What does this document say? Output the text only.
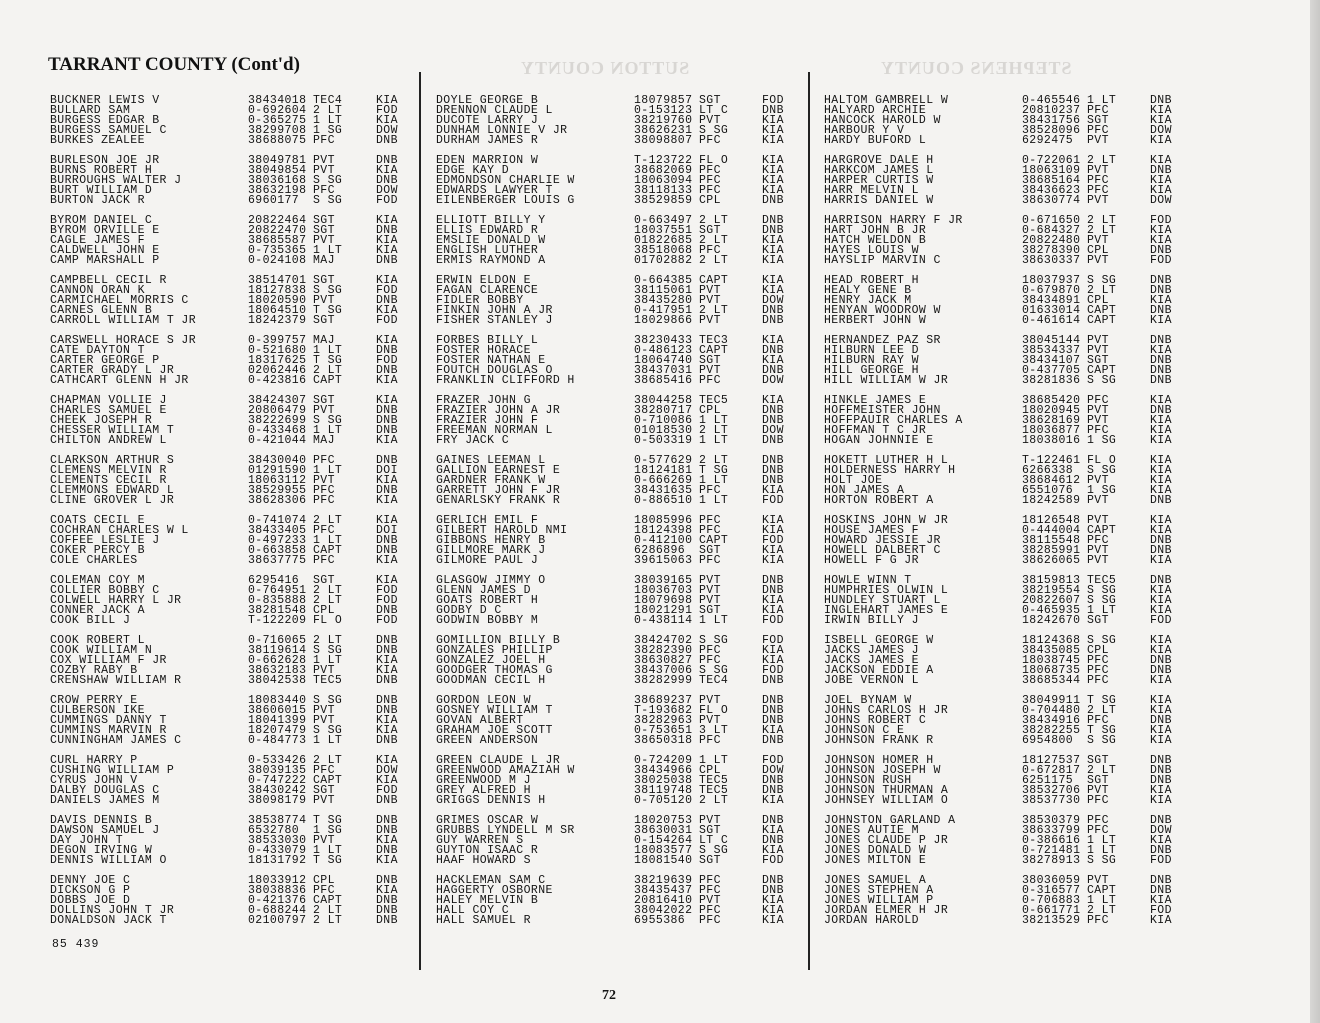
SUTTON COUNTY	STEPHENS COUNTY
TARRANT COUNTY (Cont'd)
BUCKNER LEWIS V	38434018 TEC4	KIA
BULLARD SAM	0-692604 2 LT	FOD
BURGESS EDGAR B	0-365275 1 LT	KIA
BURGESS SAMUEL C	38299708 1 SG	DOW
BURKES ZEALEE	38688075 PFC	DNB
BURLESON JOE JR	38049781 PVT	DNB
BURNS ROBERT H	38049854 PVT	KIA
BURROUGHS WALTER J	38036168 S SG	DNB
BURT WILLIAM D	38632198 PFC	DOW
BURTON JACK R	6960177 S SG	FOD
BYROM DANIEL C	20822464 SGT	KIA
BYROM ORVILLE E	20822470 SGT	DNB
CAGLE JAMES F	38685587 PVT	KIA
CALDWELL JOHN E	0-735365 1 LT	KIA
CAMP MARSHALL P	0-024108 MAJ	DNB
CAMPBELL CECIL R	38514701 SGT	KIA
CANNON ORAN K	18127838 S SG	FOD
CARMICHAEL MORRIS C	18020590 PVT	DNB
CARNES GLENN B	18064510 T SG	KIA
CARROLL WILLIAM T JR	18242379 SGT	FOD
CARSWELL HORACE S JR	0-399757 MAJ	KIA
CATE DAYTON T	0-521680 1 LT	DNB
CARTER GEORGE P	18317625 T SG	FOD
CARTER GRADY L JR	02062446 2 LT	DNB
CATHCART GLENN H JR	0-423816 CAPT	KIA
CHAPMAN VOLLIE J	38424307 SGT	KIA
CHARLES SAMUEL E	20806479 PVT	DNB
CHEEK JOSEPH R	38222699 S SG	DNB
CHESSER WILLIAM T	0-433468 1 LT	DNB
CHILTON ANDREW L	0-421044 MAJ	KIA
CLARKSON ARTHUR S	38430040 PFC	DNB
CLEMENS MELVIN R	01291590 1 LT	DOI
CLEMENTS CECIL R	18063112 PVT	KIA
CLEMMONS EDWARD L	38529955 PFC	DNB
CLINE GROVER L JR	38628306 PFC	KIA
COATS CECIL E	0-741074 2 LT	KIA
COCHRAN CHARLES W L	38433405 PFC	DOI
COFFEE LESLIE J	0-497233 1 LT	DNB
COKER PERCY B	0-663858 CAPT	DNB
COLE CHARLES	38637775 PFC	KIA
COLEMAN COY M	6295416 SGT	KIA
COLLIER BOBBY C	0-764951 2 LT	FOD
COLWELL HARRY L JR	0-835888 2 LT	FOD
CONNER JACK A	38281548 CPL	DNB
COOK BILL J	T-122209 FL O	FOD
COOK ROBERT L	0-716065 2 LT	DNB
COOK WILLIAM N	38119614 S SG	DNB
COX WILLIAM F JR	0-662628 1 LT	KIA
COZBY RABY B	38632183 PVT	KIA
CRENSHAW WILLIAM R	38042538 TEC5	DNB
CROW PERRY E	18083440 S SG	DNB
CULBERSON IKE	38606015 PVT	DNB
CUMMINGS DANNY T	18041399 PVT	KIA
CUMMINS MARVIN R	18207479 S SG	KIA
CUNNINGHAM JAMES C	0-484773 1 LT	DNB
CURL HARRY P	0-533426 2 LT	KIA
CUSHING WILLIAM P	38039135 PFC	DOW
CYRUS JOHN V	0-747222 CAPT	KIA
DALBY DOUGLAS C	38430242 SGT	FOD
DANIELS JAMES M	38098179 PVT	DNB
DAVIS DENNIS B	38538774 T SG	DNB
DAWSON SAMUEL J	6532780 1 SG	DNB
DAY JOHN T	38533030 PVT	KIA
DEGON IRVING W	0-433079 1 LT	DNB
DENNIS WILLIAM O	18131792 T SG	KIA
DENNY JOE C	18033912 CPL	DNB
DICKSON G P	38038836 PFC	KIA
DOBBS JOE D	0-421376 CAPT	DNB
DOLLINS JOHN T JR	0-688244 2 LT	DNB
DONALDSON JACK T	02100797 2 LT	DNB
DOYLE GEORGE B	18079857 SGT	FOD
DRENNON CLAUDE L	0-153123 LT C	DNB
DUCOTE LARRY J	38219760 PVT	KIA
DUNHAM LONNIE V JR	38626231 S SG	KIA
DURHAM JAMES R	38098807 PFC	KIA
EDEN MARRION W	T-123722 FL O	KIA
EDGE KAY D	38682069 PFC	KIA
EDMONDSON CHARLIE W	18063094 PFC	KIA
EDWARDS LAWYER T	38118133 PFC	KIA
EILENBERGER LOUIS G	38529859 CPL	DNB
ELLIOTT BILLY Y	0-663497 2 LT	DNB
ELLIS EDWARD R	18037551 SGT	DNB
EMSLIE DONALD W	01822685 2 LT	KIA
ENGLISH LUTHER	38518068 PFC	KIA
ERMIS RAYMOND A	01702882 2 LT	KIA
ERWIN ELDON E	0-664385 CAPT	KIA
FAGAN CLARENCE	38115061 PVT	KIA
FIDLER BOBBY	38435280 PVT	DOW
FINKIN JOHN A JR	0-417951 2 LT	DNB
FISHER STANLEY J	18029866 PVT	DNB
FORBES BILLY L	38230433 TEC3	KIA
FOSTER HORACE	0-486123 CAPT	DNB
FOSTER NATHAN E	18064740 SGT	KIA
FOUTCH DOUGLAS O	38437031 PVT	DNB
FRANKLIN CLIFFORD H	38685416 PFC	DOW
FRAZER JOHN G	38044258 TEC5	KIA
FRAZIER JOHN A JR	38280717 CPL	DNB
FRAZIER JOHN F	0-710086 1 LT	DNB
FREEMAN NORMAN L	01018530 2 LT	DOW
FRY JACK C	0-503319 1 LT	DNB
GAINES LEEMAN L	0-577629 2 LT	DNB
GALLION EARNEST E	18124181 T SG	DNB
GARDNER FRANK W	0-666269 1 LT	DNB
GARRETT JOHN F JR	38431635 PFC	KIA
GENARLSKY FRANK R	0-886510 1 LT	FOD
GERLICH EMIL F	18085996 PFC	KIA
GILBERT HAROLD NMI	18124398 PFC	KIA
GIBBONS HENRY B	0-412100 CAPT	FOD
GILLMORE MARK J	6286896 SGT	KIA
GILMORE PAUL J	39615063 PFC	KIA
GLASGOW JIMMY O	38039165 PVT	DNB
GLENN JAMES D	18036703 PVT	DNB
GOATS ROBERT H	18079698 PVT	KIA
GODBY D C	18021291 SGT	KIA
GODWIN BOBBY M	0-438114 1 LT	FOD
GOMILLION BILLY B	38424702 S SG	FOD
GONZALES PHILLIP	38282390 PFC	KIA
GONZALEZ JOEL H	38630827 PFC	KIA
GOODGER THOMAS G	38437006 S SG	FOD
GOODMAN CECIL H	38282999 TEC4	DNB
GORDON LEON W	38689237 PVT	DNB
GOSNEY WILLIAM T	T-193682 FL O	DNB
GOVAN ALBERT	38282963 PVT	DNB
GRAHAM JOE SCOTT	0-753651 3 LT	KIA
GREEN ANDERSON	38650318 PFC	DNB
GREEN CLAUDE L JR	0-724209 1 LT	FOD
GREENWOOD AMAZIAH W	38434966 CPL	DOW
GREENWOOD M J	38025038 TEC5	DNB
GREY ALFRED H	38119748 TEC5	DNB
GRIGGS DENNIS H	0-705120 2 LT	KIA
GRIMES OSCAR W	18020753 PVT	DNB
GRUBBS LYNDELL M SR	38630031 SGT	KIA
GUY WARREN S	0-154264 LT C	DNB
GUYTON ISAAC R	18083577 S SG	KIA
HAAF HOWARD S	18081540 SGT	FOD
HACKLEMAN SAM C	38219639 PFC	DNB
HAGGERTY OSBORNE	38435437 PFC	DNB
HALEY MELVIN B	20816410 PVT	KIA
HALL COY C	38042022 PFC	KIA
HALL SAMUEL R	6955386 PFC	KIA
HALTOM GAMBRELL W	0-465546 1 LT	DNB
HALYARD ARCHIE	20810237 PFC	KIA
HANCOCK HAROLD W	38431756 SGT	KIA
HARBOUR Y V	38528096 PFC	DOW
HARDY BUFORD L	6292475 PVT	KIA
HARGROVE DALE H	0-722061 2 LT	KIA
HARKCOM JAMES L	18063109 PVT	DNB
HARPER CURTIS W	38685164 PFC	KIA
HARR MELVIN L	38436623 PFC	KIA
HARRIS DANIEL W	38630774 PVT	DOW
HARRISON HARRY F JR	0-671650 2 LT	FOD
HART JOHN B JR	0-684327 2 LT	KIA
HATCH WELDON B	20822480 PVT	KIA
HAYES LOUIS W	38278390 CPL	DNB
HAYSLIP MARVIN C	38630337 PVT	FOD
HEAD ROBERT H	18037937 S SG	DNB
HEALY GENE B	0-679870 2 LT	DNB
HENRY JACK M	38434891 CPL	KIA
HENYAN WOODROW W	01633014 CAPT	DNB
HERBERT JOHN W	0-461614 CAPT	KIA
HERNANDEZ PAZ SR	38045144 PVT	DNB
HILBURN LEE D	38534337 PVT	KIA
HILBURN RAY W	38434107 SGT	DNB
HILL GEORGE H	0-437705 CAPT	DNB
HILL WILLIAM W JR	38281836 S SG	DNB
HINKLE JAMES E	38685420 PFC	KIA
HOFFMEISTER JOHN	18020945 PVT	DNB
HOFFPAUIR CHARLES A	38628169 PVT	KIA
HOFFMAN T C JR	18036877 PFC	KIA
HOGAN JOHNNIE E	18038016 1 SG	KIA
HOKETT LUTHER H L	T-122461 FL O	KIA
HOLDERNESS HARRY H	6266338 S SG	KIA
HOLT JOE	38684612 PVT	KIA
HON JAMES A	6551076 1 SG	KIA
HORTON ROBERT A	18242589 PVT	DNB
HOSKINS JOHN W JR	18126548 PVT	KIA
HOUSE JAMES F	0-444004 CAPT	KIA
HOWARD JESSIE JR	38115548 PFC	DNB
HOWELL DALBERT C	38285991 PVT	DNB
HOWELL F G JR	38626065 PVT	KIA
HOWLE WINN T	38159813 TEC5	DNB
HUMPHRIES OLWIN L	38219554 S SG	KIA
HUNDLEY STUART L	20822607 S SG	KIA
INGLEHART JAMES E	0-465935 1 LT	KIA
IRWIN BILLY J	18242670 SGT	FOD
ISBELL GEORGE W	18124368 S SG	KIA
JACKS JAMES J	38435085 CPL	KIA
JACKS JAMES E	18038745 PFC	DNB
JACKSON EDDIE A	18068735 PFC	DNB
JOBE VERNON L	38685344 PFC	KIA
JOEL BYNAM W	38049911 T SG	KIA
JOHNS CARLOS H JR	0-704480 2 LT	KIA
JOHNS ROBERT C	38434916 PFC	DNB
JOHNSON C E	38282255 T SG	KIA
JOHNSON FRANK R	6954800 S SG	KIA
JOHNSON HOMER H	18127537 SGT	DNB
JOHNSON JOSEPH W	0-672817 2 LT	DNB
JOHNSON RUSH	6251175 SGT	DNB
JOHNSON THURMAN A	38532706 PVT	KIA
JOHNSEY WILLIAM O	38537730 PFC	KIA
JOHNSTON GARLAND A	38530379 PFC	DNB
JONES AUTIE M	38633799 PFC	DOW
JONES CLAUDE P JR	0-386616 1 LT	KIA
JONES DONALD W	0-721481 1 LT	DNB
JONES MILTON E	38278913 S SG	FOD
JONES SAMUEL A	38036059 PVT	DNB
JONES STEPHEN A	0-316577 CAPT	DNB
JONES WILLIAM P	0-706883 1 LT	KIA
JORDAN ELMER H JR	0-661771 2 LT	FOD
JORDAN HAROLD	38213529 PFC	KIA
85 439
72
